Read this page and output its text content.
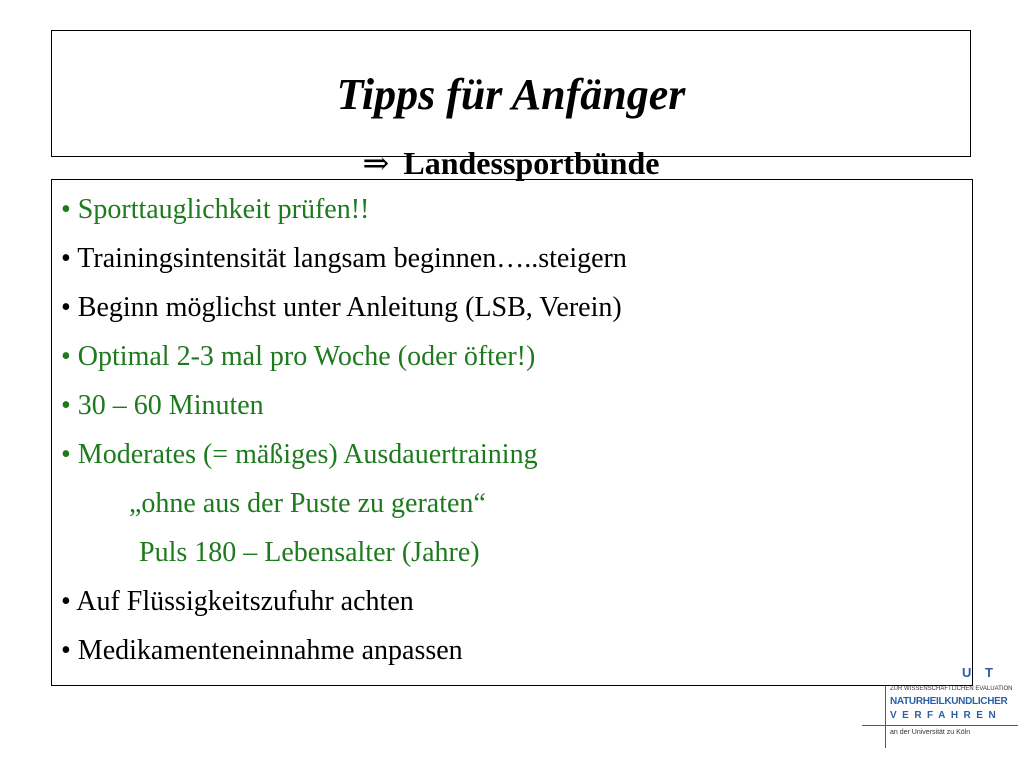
Tipps für Anfänger
⇒ Landessportbünde
• Sporttauglichkeit prüfen!!
• Trainingsintensität langsam beginnen…..steigern
• Beginn möglichst unter Anleitung (LSB, Verein)
• Optimal 2-3 mal pro Woche (oder öfter!)
• 30 – 60 Minuten
• Moderates (= mäßiges) Ausdauertraining
„ohne aus der Puste zu geraten“
Puls 180 – Lebensalter (Jahre)
• Auf Flüssigkeitszufuhr achten
• Medikamenteneinnahme anpassen
U T
ZUR WISSENSCHAFTLICHEN EVALUATION
NATURHEILKUNDLICHER
VERFAHREN
an der Universität zu Köln
